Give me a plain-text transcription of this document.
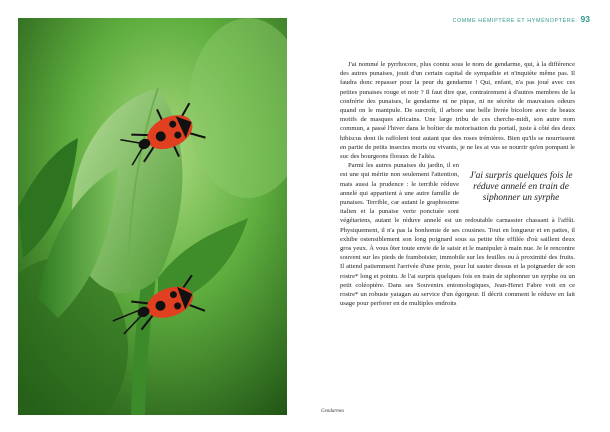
Gendarmes
COMME HÉMIPTÈRE ET HYMÉNOPTÈRE 93

J'ai nommé le pyrrhocore, plus connu sous le nom de gendarme, qui, à la différence des autres punaises, jouit d'un certain capital de sympathie et n'inquiète même pas. Il faudra donc repasser pour la peur du gendarme ! Qui, enfant, n'a pas joué avec ces petites punaises rouge et noir ? Il faut dire que, contrairement à d'autres membres de la confrérie des punaises, le gendarme ni ne pique, ni ne sécrète de mauvaises odeurs quand on le manipule. De surcroît, il arbore une belle livrée bicolore avec de beaux motifs de masques africains. Une large tribu de ces cherche-midi, son autre nom commun, a passé l'hiver dans le boîtier de motorisation du portail, juste à côté des deux hibiscus dont ils raffolent tout autant que des roses trémières. Bien qu'ils se nourrissent en partie de petits insectes morts ou vivants, je ne les ai vus se nourrir qu'en pompant le suc des bourgeons floraux de l'altéa.

J'ai surpris quelques fois le réduve annelé en train de siphonner un syrphe

Parmi les autres punaises du jardin, il en est une qui mérite non seulement l'attention, mais aussi la prudence : le terrible réduve annelé qui appartient à une autre famille de punaises. Terrible, car autant le graphosome italien et la punaise verte ponctuée sont végétariens, autant le réduve annelé est un redoutable carnassier chassant à l'affût. Physiquement, il n'a pas la bonhomie de ses cousines. Tout en longueur et en pattes, il exhibe ostensiblement son long poignard sous sa petite tête effilée d'où saillent deux gros yeux. À vous ôter toute envie de le saisir et le manipuler à main nue. Je le rencontre souvent sur les pieds de framboisier, immobile sur les feuilles ou à proximité des fruits. Il attend patiemment l'arrivée d'une proie, pour lui sauter dessus et la poignarder de son rostre* long et pointu. Je l'ai surpris quelques fois en train de siphonner un syrphe ou un petit coléoptère. Dans ses Souvenirs entomologiques, Jean-Henri Fabre voit en ce rostre* un robuste yatagan au service d'un égorgeur. Il décrit comment le réduve en fait usage pour perforer en de multiples endroits
